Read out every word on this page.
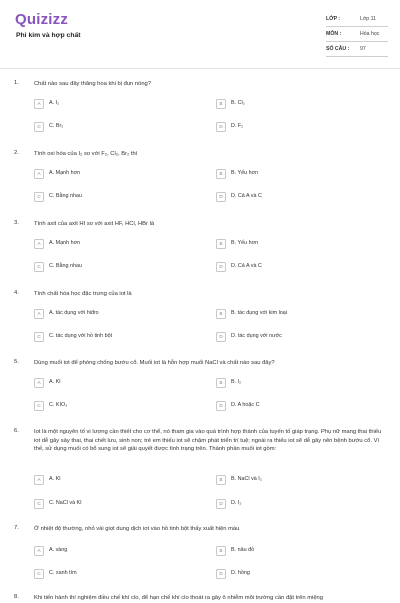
Quizizz
Phi kim và hợp chất
LỚP :	Lớp 11
MÔN :	Hóa học
SỐ CÂU : 97
1.	Chất nào sau đây thăng hoa khi bị đun nóng?
A	A. I₂	B	B. Cl₂
C	C. Br₂	D	D. F₂
2.	Tính oxi hóa của I₂ so với F₂, Cl₂, Br₂ thì
A	A. Mạnh hơn	B	B. Yếu hơn
C	C. Bằng nhau	D	D. Cả A và C
3.	Tính axit của axit HI so với axit HF, HCl, HBr là
A	A. Mạnh hơn	B	B. Yếu hơn
C	C. Bằng nhau	D	D. Cả A và C
4.	Tính chất hóa học đặc trưng của iot là
A	A. tác dụng với hiđro	B	B. tác dụng với kim loại
C	C. tác dụng với hồ tinh bột	D	D. tác dụng với nước
5.	Dùng muối iot để phòng chống bướu cổ. Muối iot là hỗn hợp muối NaCl và chất nào sau đây?
A	A. KI	B	B. I₂
C	C. KIO₃	D	D. A hoặc C
6.	Iot là một nguyên tố vi lượng cần thiết cho cơ thể, nó tham gia vào quá trình hợp thành của tuyến tố giáp trạng. Phụ nữ mang thai thiếu iot dễ gây sảy thai, thai chết lưu, sinh non; trẻ em thiếu iot sẽ chậm phát triển trí tuệ; ngoài ra thiếu iot sẽ dễ gây nên bệnh bướu cổ. Vì thế, sử dụng muối có bổ sung iot sẽ giải quyết được tình trạng trên. Thành phần muối iot gồm:
A	A. KI	B	B. NaCl và I₂
C	C. NaCl và KI	D	D. I₂
7.	Ở nhiệt độ thường, nhỏ vài giọt dung dịch iot vào hồ tinh bột thấy xuất hiện màu
A	A. vàng	B	B. nâu đỏ
C	C. xanh tím	D	D. hồng
8.	Khi tiến hành thí nghiệm điều chế khí clo, để hạn chế khí clo thoát ra gây ô nhiễm môi trường cần đặt trên miệng
